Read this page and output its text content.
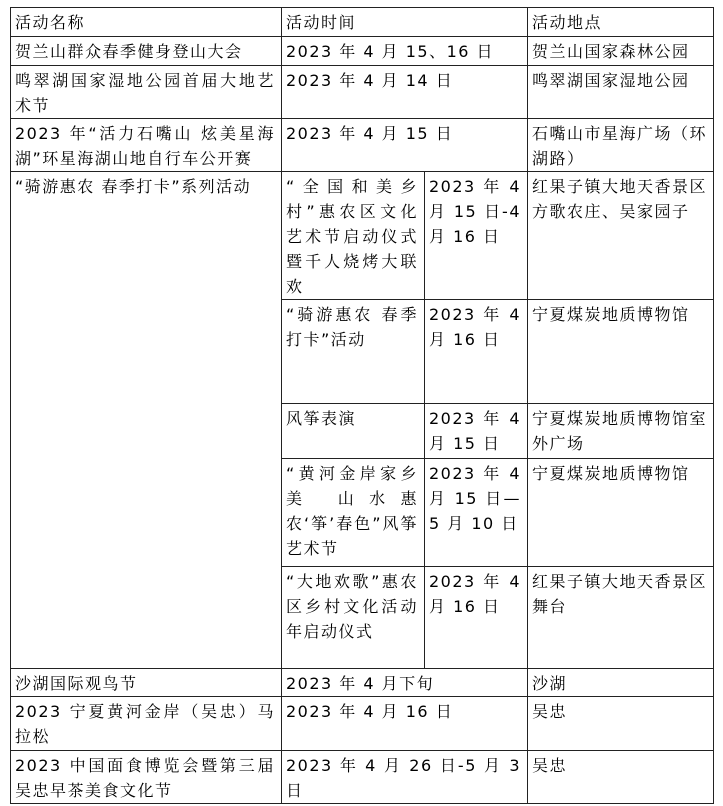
活动名称	活动时间		活动地点
贺兰山群众春季健身登山大会	2023 年 4 月 15、16 日		贺兰山国家森林公园
鸣翠湖国家湿地公园首届大地艺术节	2023 年 4 月 14 日		鸣翠湖国家湿地公园
2023 年“活力石嘴山 炫美星海湖”环星海湖山地自行车公开赛	2023 年 4 月 15 日		石嘴山市星海广场（环湖路）
“骑游惠农 春季打卡”系列活动	“全国和美乡村”惠农区文化艺术节启动仪式暨千人烧烤大联欢	2023 年 4 月 15 日-4 月 16 日	红果子镇大地天香景区方歌农庄、吴家园子
	“骑游惠农 春季打卡”活动	2023 年 4 月 16 日	宁夏煤炭地质博物馆
	风筝表演	2023 年 4 月 15 日	宁夏煤炭地质博物馆室外广场
	“黄河金岸家乡美 山水惠农‘筝’春色”风筝艺术节	2023 年 4 月 15 日—5 月 10 日	宁夏煤炭地质博物馆
	“大地欢歌”惠农区乡村文化活动年启动仪式	2023 年 4 月 16 日	红果子镇大地天香景区舞台
沙湖国际观鸟节	2023 年 4 月下旬		沙湖
2023 宁夏黄河金岸（吴忠）马拉松	2023 年 4 月 16 日		吴忠
2023 中国面食博览会暨第三届吴忠早茶美食文化节	2023 年 4 月 26 日-5 月 3 日		吴忠
